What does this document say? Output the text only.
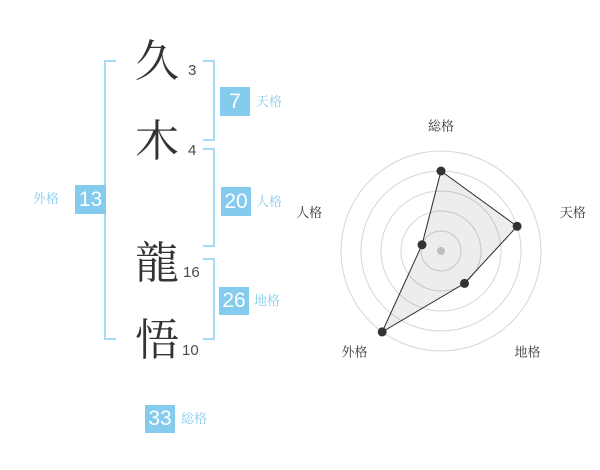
久
木
龍
悟
3
4
16
10
7	天格
20 人格
26 地格
外格 13
33 総格
総格
天格
地格
外格
人格
